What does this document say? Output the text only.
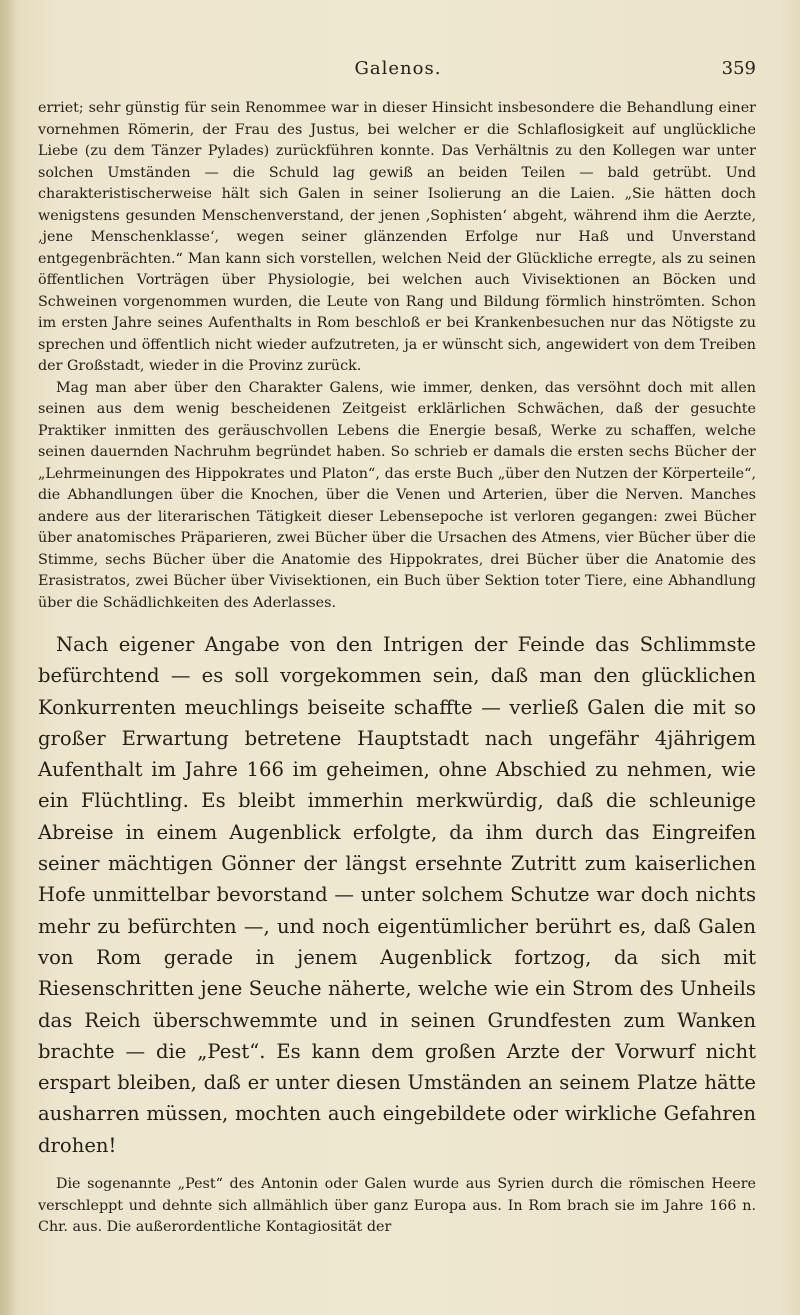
Galenos.	359

erriet; sehr günstig für sein Renommee war in dieser Hinsicht insbesondere die Behandlung einer vornehmen Römerin, der Frau des Justus, bei welcher er die Schlaflosigkeit auf unglückliche Liebe (zu dem Tänzer Pylades) zurückführen konnte. Das Verhältnis zu den Kollegen war unter solchen Umständen — die Schuld lag gewiß an beiden Teilen — bald getrübt. Und charakteristischerweise hält sich Galen in seiner Isolierung an die Laien. „Sie hätten doch wenigstens gesunden Menschenverstand, der jenen ‚Sophisten‘ abgeht, während ihm die Aerzte, ‚jene Menschenklasse‘, wegen seiner glänzenden Erfolge nur Haß und Unverstand entgegenbrächten.“ Man kann sich vorstellen, welchen Neid der Glückliche erregte, als zu seinen öffentlichen Vorträgen über Physiologie, bei welchen auch Vivisektionen an Böcken und Schweinen vorgenommen wurden, die Leute von Rang und Bildung förmlich hinströmten. Schon im ersten Jahre seines Aufenthalts in Rom beschloß er bei Krankenbesuchen nur das Nötigste zu sprechen und öffentlich nicht wieder aufzutreten, ja er wünscht sich, angewidert von dem Treiben der Großstadt, wieder in die Provinz zurück.

Mag man aber über den Charakter Galens, wie immer, denken, das versöhnt doch mit allen seinen aus dem wenig bescheidenen Zeitgeist erklärlichen Schwächen, daß der gesuchte Praktiker inmitten des geräuschvollen Lebens die Energie besaß, Werke zu schaffen, welche seinen dauernden Nachruhm begründet haben. So schrieb er damals die ersten sechs Bücher der „Lehrmeinungen des Hippokrates und Platon“, das erste Buch „über den Nutzen der Körperteile“, die Abhandlungen über die Knochen, über die Venen und Arterien, über die Nerven. Manches andere aus der literarischen Tätigkeit dieser Lebensepoche ist verloren gegangen: zwei Bücher über anatomisches Präparieren, zwei Bücher über die Ursachen des Atmens, vier Bücher über die Stimme, sechs Bücher über die Anatomie des Hippokrates, drei Bücher über die Anatomie des Erasistratos, zwei Bücher über Vivisektionen, ein Buch über Sektion toter Tiere, eine Abhandlung über die Schädlichkeiten des Aderlasses.

Nach eigener Angabe von den Intrigen der Feinde das Schlimmste befürchtend — es soll vorgekommen sein, daß man den glücklichen Konkurrenten meuchlings beiseite schaffte — verließ Galen die mit so großer Erwartung betretene Hauptstadt nach ungefähr 4jährigem Aufenthalt im Jahre 166 im geheimen, ohne Abschied zu nehmen, wie ein Flüchtling. Es bleibt immerhin merkwürdig, daß die schleunige Abreise in einem Augenblick erfolgte, da ihm durch das Eingreifen seiner mächtigen Gönner der längst ersehnte Zutritt zum kaiserlichen Hofe unmittelbar bevorstand — unter solchem Schutze war doch nichts mehr zu befürchten —, und noch eigentümlicher berührt es, daß Galen von Rom gerade in jenem Augenblick fortzog, da sich mit Riesenschritten jene Seuche näherte, welche wie ein Strom des Unheils das Reich überschwemmte und in seinen Grundfesten zum Wanken brachte — die „Pest“. Es kann dem großen Arzte der Vorwurf nicht erspart bleiben, daß er unter diesen Umständen an seinem Platze hätte ausharren müssen, mochten auch eingebildete oder wirkliche Gefahren drohen!

Die sogenannte „Pest“ des Antonin oder Galen wurde aus Syrien durch die römischen Heere verschleppt und dehnte sich allmählich über ganz Europa aus. In Rom brach sie im Jahre 166 n. Chr. aus. Die außerordentliche Kontagiosität der
